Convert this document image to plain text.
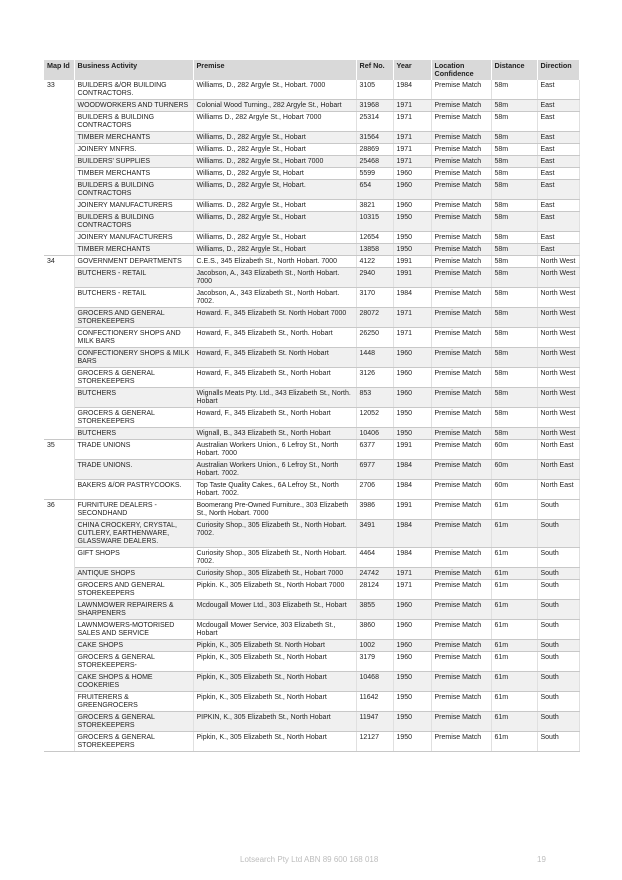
Map Id	Business Activity	Premise	Ref No.	Year	Location Confidence	Distance	Direction
33	BUILDERS &/OR BUILDING CONTRACTORS.	Williams, D., 282 Argyle St., Hobart. 7000	3105	1984	Premise Match	58m	East
	WOODWORKERS AND TURNERS	Colonial Wood Turning., 282 Argyle St., Hobart	31968	1971	Premise Match	58m	East
	BUILDERS & BUILDING CONTRACTORS	Williams D., 282 Argyle St., Hobart 7000	25314	1971	Premise Match	58m	East
	TIMBER MERCHANTS	Williams, D., 282 Argyle St., Hobart	31564	1971	Premise Match	58m	East
	JOINERY MNFRS.	Williams. D., 282 Argyle St., Hobart	28869	1971	Premise Match	58m	East
	BUILDERS' SUPPLIES	Williams. D., 282 Argyle St., Hobart 7000	25468	1971	Premise Match	58m	East
	TIMBER MERCHANTS	Williams, D., 282 Argyle St, Hobart	5599	1960	Premise Match	58m	East
	BUILDERS & BUILDING CONTRACTORS	Williams, D., 282 Argyle St, Hobart.	654	1960	Premise Match	58m	East
	JOINERY MANUFACTURERS	Williams. D., 282 Argyle St., Hobart	3821	1960	Premise Match	58m	East
	BUILDERS & BUILDING CONTRACTORS	Williams, D., 282 Argyle St., Hobart	10315	1950	Premise Match	58m	East
	JOINERY MANUFACTURERS	Williams, D., 282 Argyle St., Hobart	12654	1950	Premise Match	58m	East
	TIMBER MERCHANTS	Williams, D., 282 Argyle St., Hobart	13858	1950	Premise Match	58m	East
34	GOVERNMENT DEPARTMENTS	C.E.S., 345 Elizabeth St., North Hobart. 7000	4122	1991	Premise Match	58m	North West
	BUTCHERS - RETAIL	Jacobson, A., 343 Elizabeth St., North Hobart. 7000	2940	1991	Premise Match	58m	North West
	BUTCHERS - RETAIL	Jacobson, A., 343 Elizabeth St., North Hobart. 7002.	3170	1984	Premise Match	58m	North West
	GROCERS AND GENERAL STOREKEEPERS	Howard. F., 345 Elizabeth St. North Hobart 7000	28072	1971	Premise Match	58m	North West
	CONFECTIONERY SHOPS AND MILK BARS	Howard, F., 345 Elizabeth St., North. Hobart	26250	1971	Premise Match	58m	North West
	CONFECTIONERY SHOPS & MILK BARS	Howard, F., 345 Elizabeth St. North Hobart	1448	1960	Premise Match	58m	North West
	GROCERS & GENERAL STOREKEEPERS	Howard, F., 345 Elizabeth St., North Hobart	3126	1960	Premise Match	58m	North West
	BUTCHERS	Wignalls Meats Pty. Ltd., 343 Elizabeth St., North. Hobart	853	1960	Premise Match	58m	North West
	GROCERS & GENERAL STOREKEEPERS	Howard, F., 345 Elizabeth St., North Hobart	12052	1950	Premise Match	58m	North West
	BUTCHERS	Wignall, B., 343 Elizabeth St., North Hobart	10406	1950	Premise Match	58m	North West
35	TRADE UNIONS	Australian Workers Union., 6 Lefroy St., North Hobart. 7000	6377	1991	Premise Match	60m	North East
	TRADE UNIONS.	Australian Workers Union., 6 Lefroy St., North Hobart. 7002.	6977	1984	Premise Match	60m	North East
	BAKERS &/OR PASTRYCOOKS.	Top Taste Quality Cakes., 6A Lefroy St., North Hobart. 7002.	2706	1984	Premise Match	60m	North East
36	FURNITURE DEALERS - SECONDHAND	Boomerang Pre-Owned Furniture., 303 Elizabeth St., North Hobart. 7000	3986	1991	Premise Match	61m	South
	CHINA CROCKERY, CRYSTAL, CUTLERY, EARTHENWARE, GLASSWARE DEALERS.	Curiosity Shop., 305 Elizabeth St., North Hobart. 7002.	3491	1984	Premise Match	61m	South
	GIFT SHOPS	Curiosity Shop., 305 Elizabeth St., North Hobart. 7002.	4464	1984	Premise Match	61m	South
	ANTIQUE SHOPS	Curiosity Shop., 305 Elizabeth St., Hobart 7000	24742	1971	Premise Match	61m	South
	GROCERS AND GENERAL STOREKEEPERS	Pipkin. K., 305 Elizabeth St., North Hobart 7000	28124	1971	Premise Match	61m	South
	LAWNMOWER REPAIRERS & SHARPENERS	Mcdougall Mower Ltd., 303 Elizabeth St., Hobart	3855	1960	Premise Match	61m	South
	LAWNMOWERS-MOTORISED SALES AND SERVICE	Mcdougall Mower Service, 303 Elizabeth St., Hobart	3860	1960	Premise Match	61m	South
	CAKE SHOPS	Pipkin, K., 305 Elizabeth St. North Hobart	1002	1960	Premise Match	61m	South
	GROCERS & GENERAL STOREKEEPERS-	Pipkin, K., 305 Elizabeth St., North Hobart	3179	1960	Premise Match	61m	South
	CAKE SHOPS & HOME COOKERIES	Pipkin, K., 305 Elizabeth St., North Hobart	10468	1950	Premise Match	61m	South
	FRUITERERS & GREENGROCERS	Pipkin, K., 305 Elizabeth St., North Hobart	11642	1950	Premise Match	61m	South
	GROCERS & GENERAL STOREKEEPERS	PIPKIN, K., 305 Elizabeth St., North Hobart	11947	1950	Premise Match	61m	South
	GROCERS & GENERAL STOREKEEPERS	Pipkin, K., 305 Elizabeth St., North Hobart	12127	1950	Premise Match	61m	South
Lotsearch Pty Ltd ABN 89 600 168 018	19
